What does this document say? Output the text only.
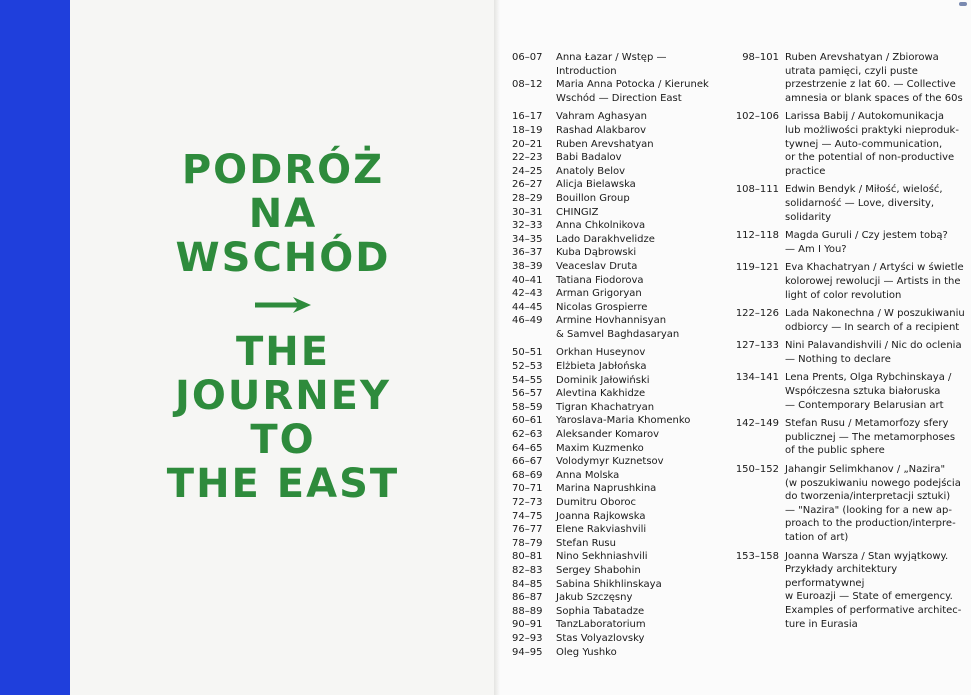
PODRÓŻ
NA
WSCHÓD
THE
JOURNEY
TO
THE EAST
06–07	Anna Łazar / Wstęp — Introduction
08–12	Maria Anna Potocka / Kierunek
Wschód — Direction East
16–17	Vahram Aghasyan
18–19	Rashad Alakbarov
20–21	Ruben Arevshatyan
22–23	Babi Badalov
24–25	Anatoly Belov
26–27	Alicja Bielawska
28–29	Bouillon Group
30–31	CHINGIZ
32–33	Anna Chkolnikova
34–35	Lado Darakhvelidze
36–37	Kuba Dąbrowski
38–39	Veaceslav Druta
40–41	Tatiana Fiodorova
42–43	Arman Grigoryan
44–45	Nicolas Grospierre
46–49	Armine Hovhannisyan
& Samvel Baghdasaryan
50–51	Orkhan Huseynov
52–53	Elżbieta Jabłońska
54–55	Dominik Jałowiński
56–57	Alevtina Kakhidze
58–59	Tigran Khachatryan
60–61	Yaroslava-Maria Khomenko
62–63	Aleksander Komarov
64–65	Maxim Kuzmenko
66–67	Volodymyr Kuznetsov
68–69	Anna Molska
70–71	Marina Naprushkina
72–73	Dumitru Oboroc
74–75	Joanna Rajkowska
76–77	Elene Rakviashvili
78–79	Stefan Rusu
80–81	Nino Sekhniashvili
82–83	Sergey Shabohin
84–85	Sabina Shikhlinskaya
86–87	Jakub Szczęsny
88–89	Sophia Tabatadze
90–91	TanzLaboratorium
92–93	Stas Volyazlovsky
94–95	Oleg Yushko
98–101 Ruben Arevshatyan / Zbiorowa
utrata pamięci, czyli puste
przestrzenie z lat 60. — Collective
amnesia or blank spaces of the 60s
102–106 Larissa Babij / Autokomunikacja
lub możliwości praktyki nieproduk-
tywnej — Auto-communication,
or the potential of non-productive
practice
108–111 Edwin Bendyk / Miłość, wielość,
solidarność — Love, diversity,
solidarity
112–118 Magda Guruli / Czy jestem tobą?
— Am I You?
119–121 Eva Khachatryan / Artyści w świetle
kolorowej rewolucji — Artists in the
light of color revolution
122–126 Lada Nakonechna / W poszukiwaniu
odbiorcy — In search of a recipient
127–133 Nini Palavandishvili / Nic do oclenia
— Nothing to declare
134–141 Lena Prents, Olga Rybchinskaya /
Współczesna sztuka białoruska
— Contemporary Belarusian art
142–149 Stefan Rusu / Metamorfozy sfery
publicznej — The metamorphoses
of the public sphere
150–152 Jahangir Selimkhanov / „Nazira"
(w poszukiwaniu nowego podejścia
do tworzenia/interpretacji sztuki)
— "Nazira" (looking for a new ap-
proach to the production/interpre-
tation of art)
153–158 Joanna Warsza / Stan wyjątkowy.
Przykłady architektury performatywnej
w Euroazji — State of emergency.
Examples of performative architec-
ture in Eurasia
